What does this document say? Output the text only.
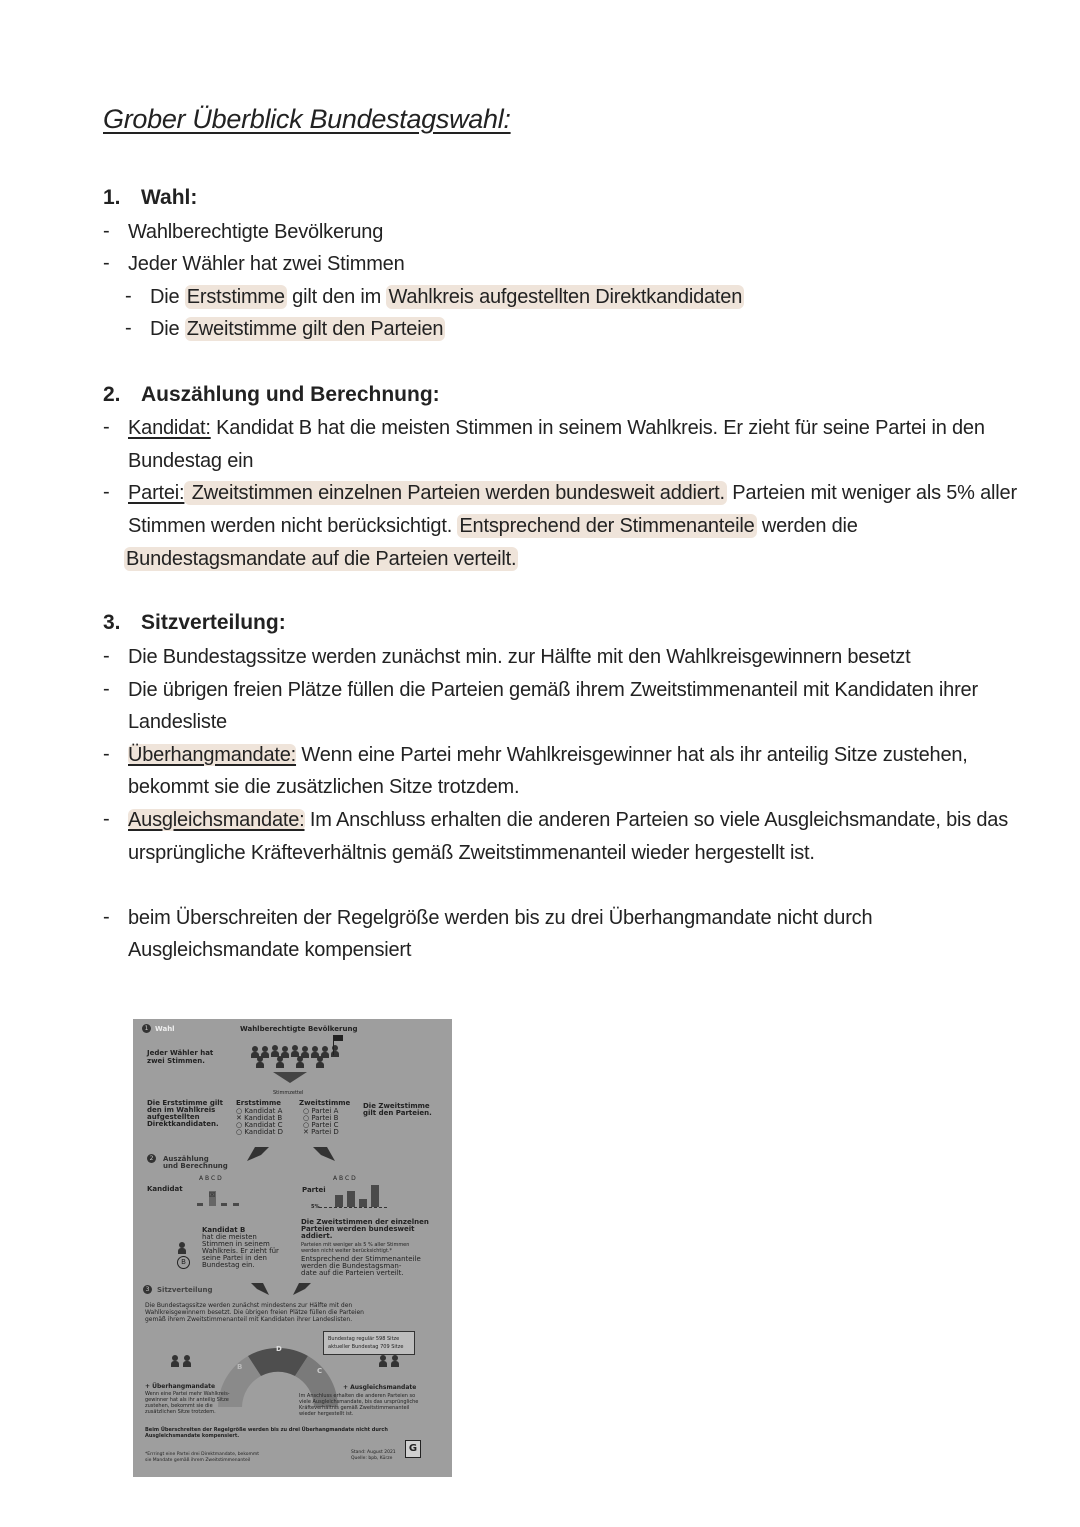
Grober Überblick Bundestagswahl:
1. Wahl:
- Wahlberechtigte Bevölkerung
- Jeder Wähler hat zwei Stimmen
- Die Erststimme gilt den im Wahlkreis aufgestellten Direktkandidaten
- Die Zweitstimme gilt den Parteien
2. Auszählung und Berechnung:
- Kandidat: Kandidat B hat die meisten Stimmen in seinem Wahlkreis. Er zieht für seine Partei in den
Bundestag ein
- Partei: Zweitstimmen einzelnen Parteien werden bundesweit addiert. Parteien mit weniger als 5% aller
Stimmen werden nicht berücksichtigt. Entsprechend der Stimmenanteile werden die
Bundestagsmandate auf die Parteien verteilt.
3. Sitzverteilung:
- Die Bundestagssitze werden zunächst min. zur Hälfte mit den Wahlkreisgewinnern besetzt
- Die übrigen freien Plätze füllen die Parteien gemäß ihrem Zweitstimmenanteil mit Kandidaten ihrer
Landesliste
- Überhangmandate: Wenn eine Partei mehr Wahlkreisgewinner hat als ihr anteilig Sitze zustehen,
bekommt sie die zusätzlichen Sitze trotzdem.
- Ausgleichsmandate: Im Anschluss erhalten die anderen Parteien so viele Ausgleichsmandate, bis das
ursprüngliche Kräfteverhältnis gemäß Zweitstimmenanteil wieder hergestellt ist.
- beim Überschreiten der Regelgröße werden bis zu drei Überhangmandate nicht durch
Ausgleichsmandate kompensiert
1 Wahl	Wahlberechtigte Bevölkerung
Jeder Wähler hat
zwei Stimmen.
Stimmzettel
Die Erststimme gilt
den im Wahlkreis
aufgestellten
Direktkandidaten.
Erststimme	Zweitstimme
○ Kandidat A
✕ Kandidat B
○ Kandidat C
○ Kandidat D
○ Partei A
○ Partei B
○ Partei C
✕ Partei D
Die Zweitstimme
gilt den Parteien.
2	Auszählung
und Berechnung
A B C D
Kandidat
☒
A B C D
Partei
5%
Kandidat B
hat die meisten
Stimmen in seinem
Wahlkreis. Er zieht für
seine Partei in den
Bundestag ein.
B
Die Zweitstimmen der einzelnen
Parteien werden bundesweit
addiert.
Parteien mit weniger als 5 % aller Stimmen
werden nicht weiter berücksichtigt.*
Entsprechend der Stimmenanteile
werden die Bundestagsman-
date auf die Parteien verteilt.
3	Sitzverteilung
Die Bundestagssitze werden zunächst mindestens zur Hälfte mit den
Wahlkreisgewinnern besetzt. Die übrigen freien Plätze füllen die Parteien
gemäß ihrem Zweitstimmenanteil mit Kandidaten ihrer Landeslisten.
Bundestag regulär 598 Sitze
aktueller Bundestag 709 Sitze
D
C
B
+ Überhangmandate
Wenn eine Partei mehr Wahlkreis-
gewinner hat als ihr anteilig Sitze
zustehen, bekommt sie die
zusätzlichen Sitze trotzdem.
+ Ausgleichsmandate
Im Anschluss erhalten die anderen Parteien so
viele Ausgleichsmandate, bis das ursprüngliche
Kräfteverhältnis gemäß Zweitstimmenanteil
wieder hergestellt ist.
Beim Überschreiten der Regelgröße werden bis zu drei Überhangmandate nicht durch
Ausgleichsmandate kompensiert.
*Errringt eine Partei drei Direktmandate, bekommt
sie Mandate gemäß ihrem Zweitstimmenanteil
Stand: August 2021
Quelle: bpb, Kürze
G
